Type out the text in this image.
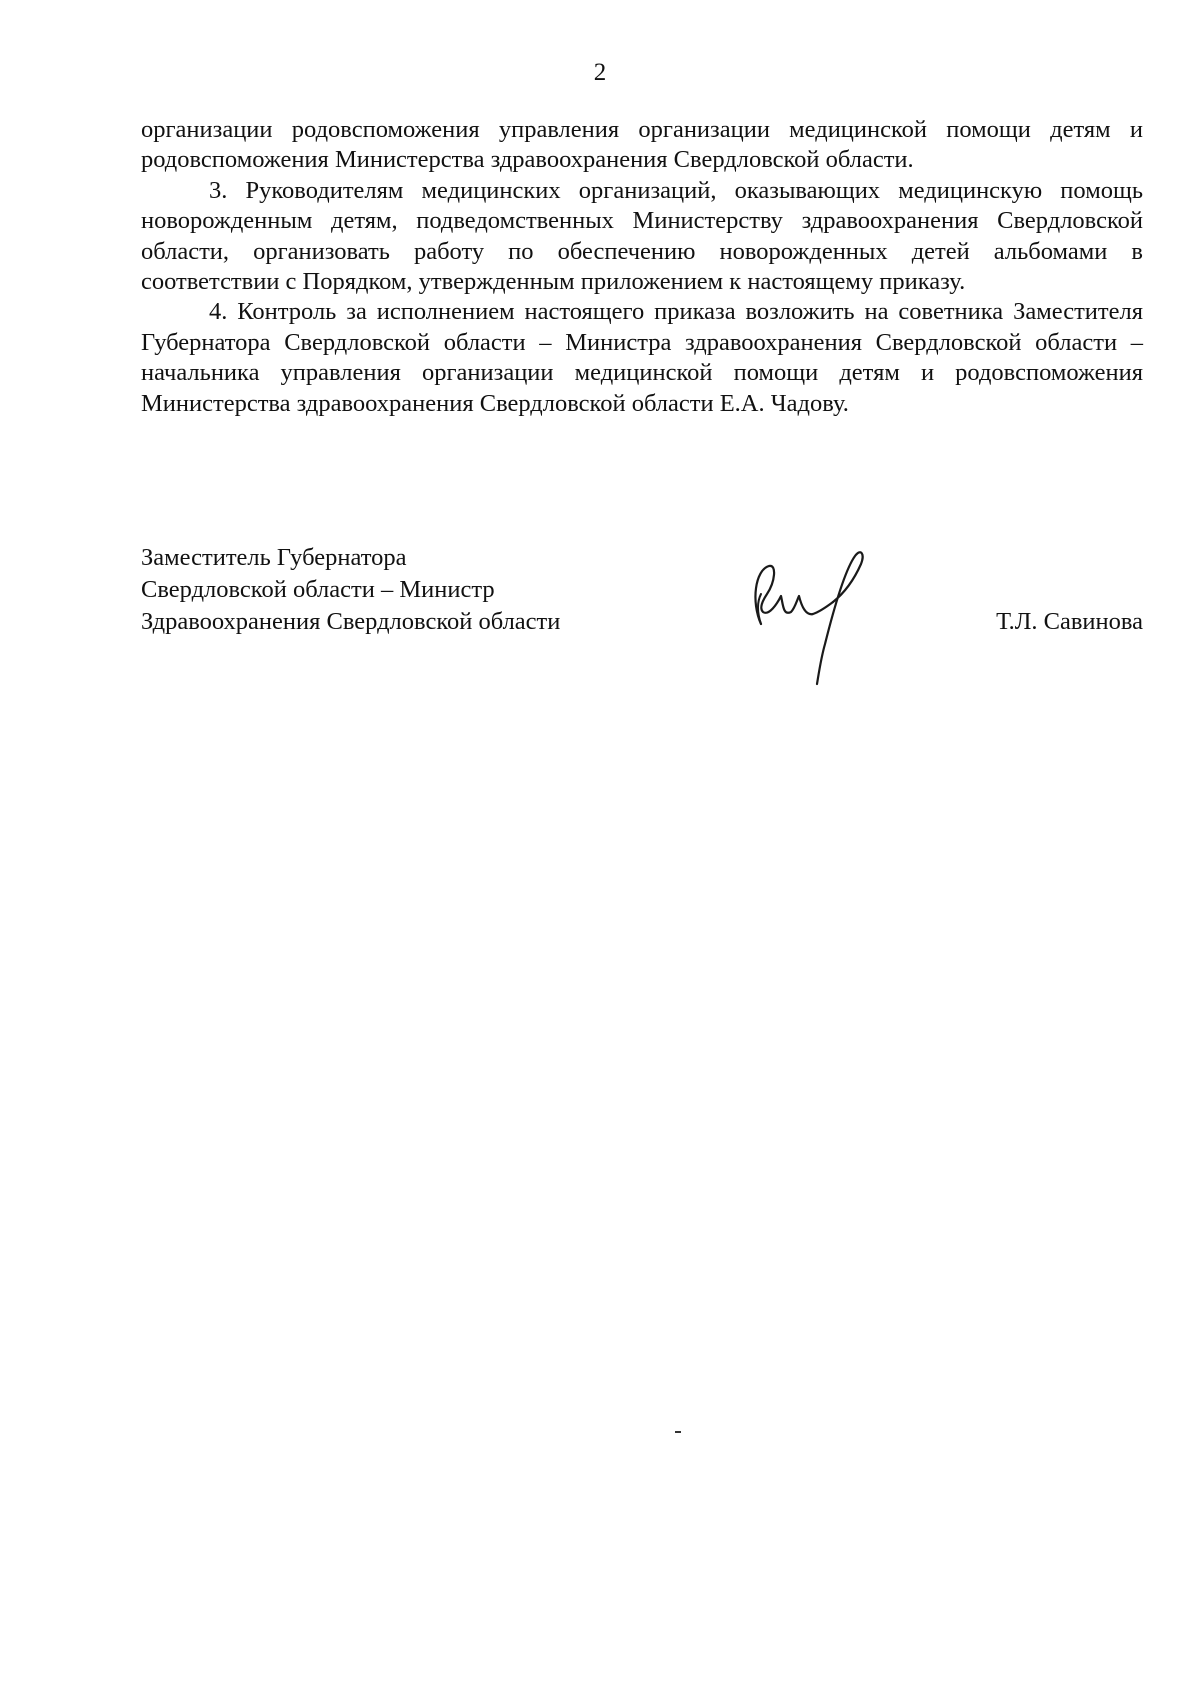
2

организации родовспоможения управления организации медицинской помощи детям и родовспоможения Министерства здравоохранения Свердловской области.

3. Руководителям медицинских организаций, оказывающих медицинскую помощь новорожденным детям, подведомственных Министерству здравоохранения Свердловской области, организовать работу по обеспечению новорожденных детей альбомами в соответствии с Порядком, утвержденным приложением к настоящему приказу.

4. Контроль за исполнением настоящего приказа возложить на советника Заместителя Губернатора Свердловской области – Министра здравоохранения Свердловской области – начальника управления организации медицинской помощи детям и родовспоможения Министерства здравоохранения Свердловской области Е.А. Чадову.

Заместитель Губернатора
Свердловской области – Министр
Здравоохранения Свердловской области	Т.Л. Савинова
